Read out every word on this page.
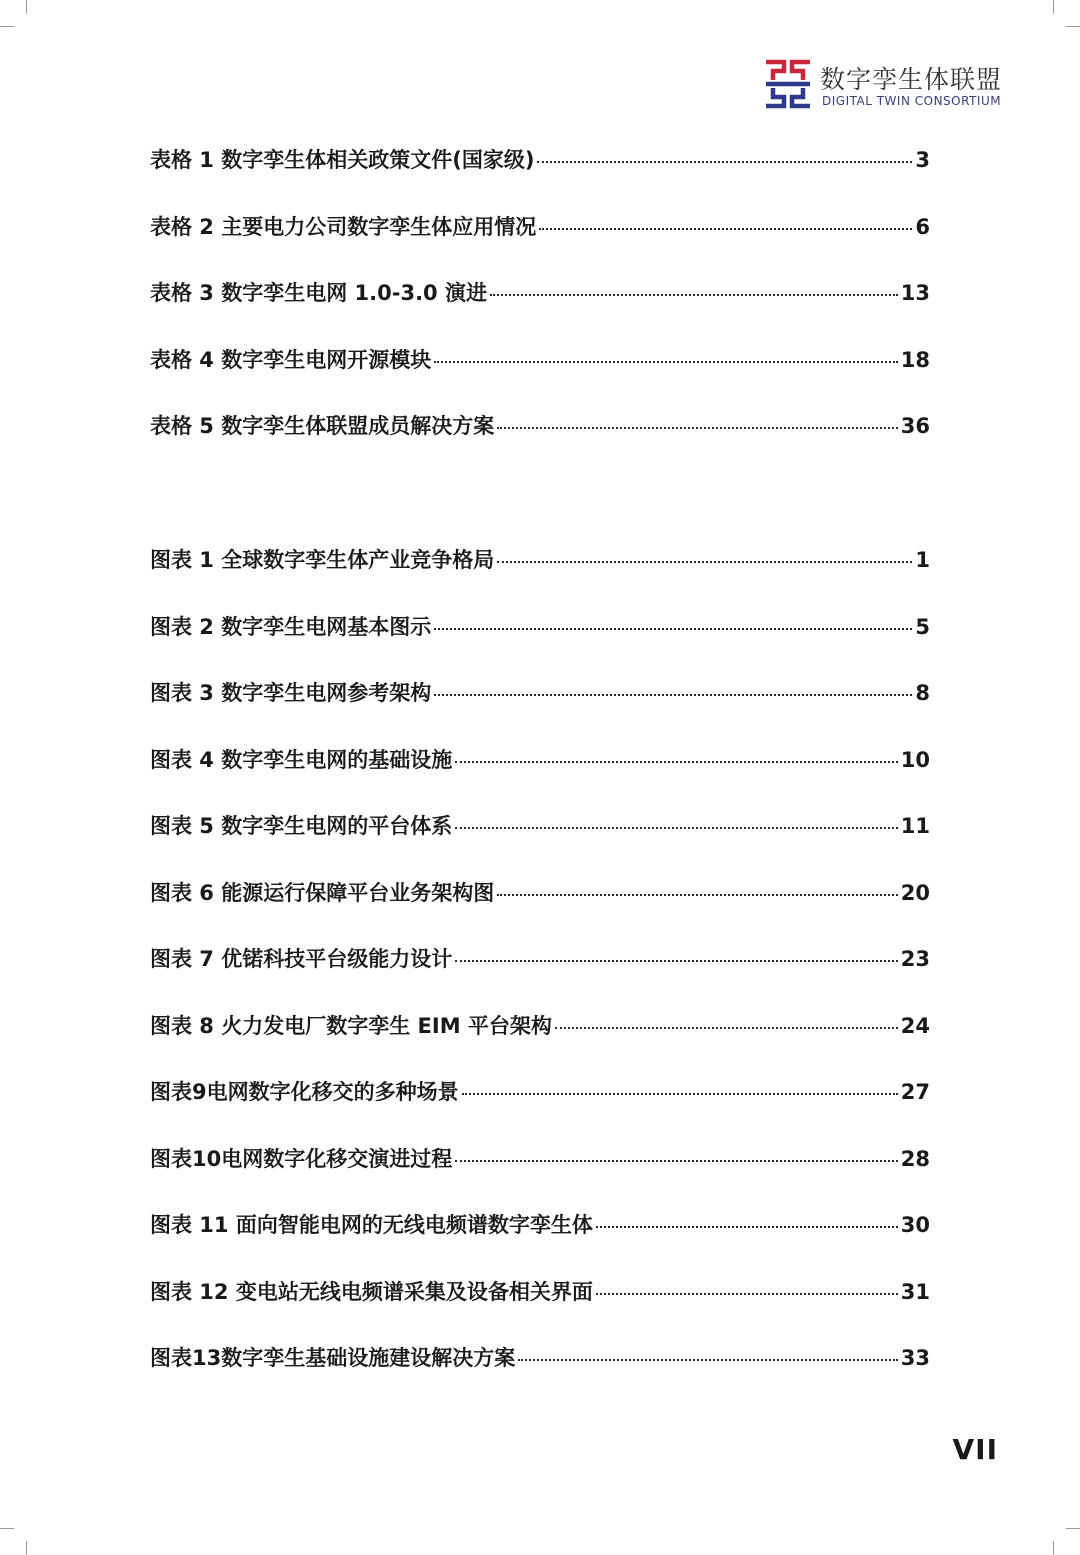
数字孪生体联盟
DIGITAL TWIN CONSORTIUM
表格 1 数字孪生体相关政策文件(国家级)	3
表格 2 主要电力公司数字孪生体应用情况	6
表格 3 数字孪生电网 1.0-3.0 演进	13
表格 4 数字孪生电网开源模块	18
表格 5 数字孪生体联盟成员解决方案	36
图表 1 全球数字孪生体产业竞争格局	1
图表 2 数字孪生电网基本图示	5
图表 3 数字孪生电网参考架构	8
图表 4 数字孪生电网的基础设施	10
图表 5 数字孪生电网的平台体系	11
图表 6 能源运行保障平台业务架构图	20
图表 7 优锘科技平台级能力设计	23
图表 8 火力发电厂数字孪生 EIM 平台架构	24
图表9电网数字化移交的多种场景	27
图表10电网数字化移交演进过程	28
图表 11 面向智能电网的无线电频谱数字孪生体	30
图表 12 变电站无线电频谱采集及设备相关界面	31
图表13数字孪生基础设施建设解决方案	33
VII
